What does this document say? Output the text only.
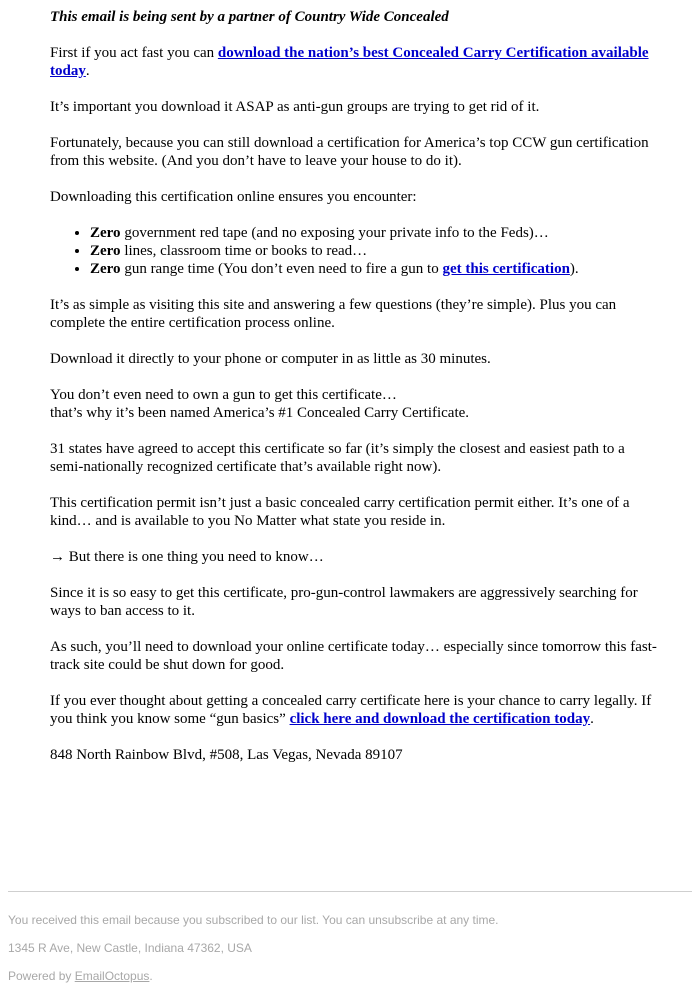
This email is being sent by a partner of Country Wide Concealed

First if you act fast you can download the nation’s best Concealed Carry Certification available today.

It’s important you download it ASAP as anti-gun groups are trying to get rid of it.

Fortunately, because you can still download a certification for America’s top CCW gun certification from this website. (And you don’t have to leave your house to do it).

Downloading this certification online ensures you encounter:

• Zero government red tape (and no exposing your private info to the Feds)…
• Zero lines, classroom time or books to read…
• Zero gun range time (You don’t even need to fire a gun to get this certification).

It’s as simple as visiting this site and answering a few questions (they’re simple). Plus you can complete the entire certification process online.

Download it directly to your phone or computer in as little as 30 minutes.

You don’t even need to own a gun to get this certificate…
that’s why it’s been named America’s #1 Concealed Carry Certificate.

31 states have agreed to accept this certificate so far (it’s simply the closest and easiest path to a semi-nationally recognized certificate that’s available right now).

This certification permit isn’t just a basic concealed carry certification permit either. It’s one of a kind… and is available to you No Matter what state you reside in.

→ But there is one thing you need to know…

Since it is so easy to get this certificate, pro-gun-control lawmakers are aggressively searching for ways to ban access to it.

As such, you’ll need to download your online certificate today… especially since tomorrow this fast-track site could be shut down for good.

If you ever thought about getting a concealed carry certificate here is your chance to carry legally. If you think you know some “gun basics” click here and download the certification today.

848 North Rainbow Blvd, #508, Las Vegas, Nevada 89107

You received this email because you subscribed to our list. You can unsubscribe at any time.
1345 R Ave, New Castle, Indiana 47362, USA
Powered by EmailOctopus.
